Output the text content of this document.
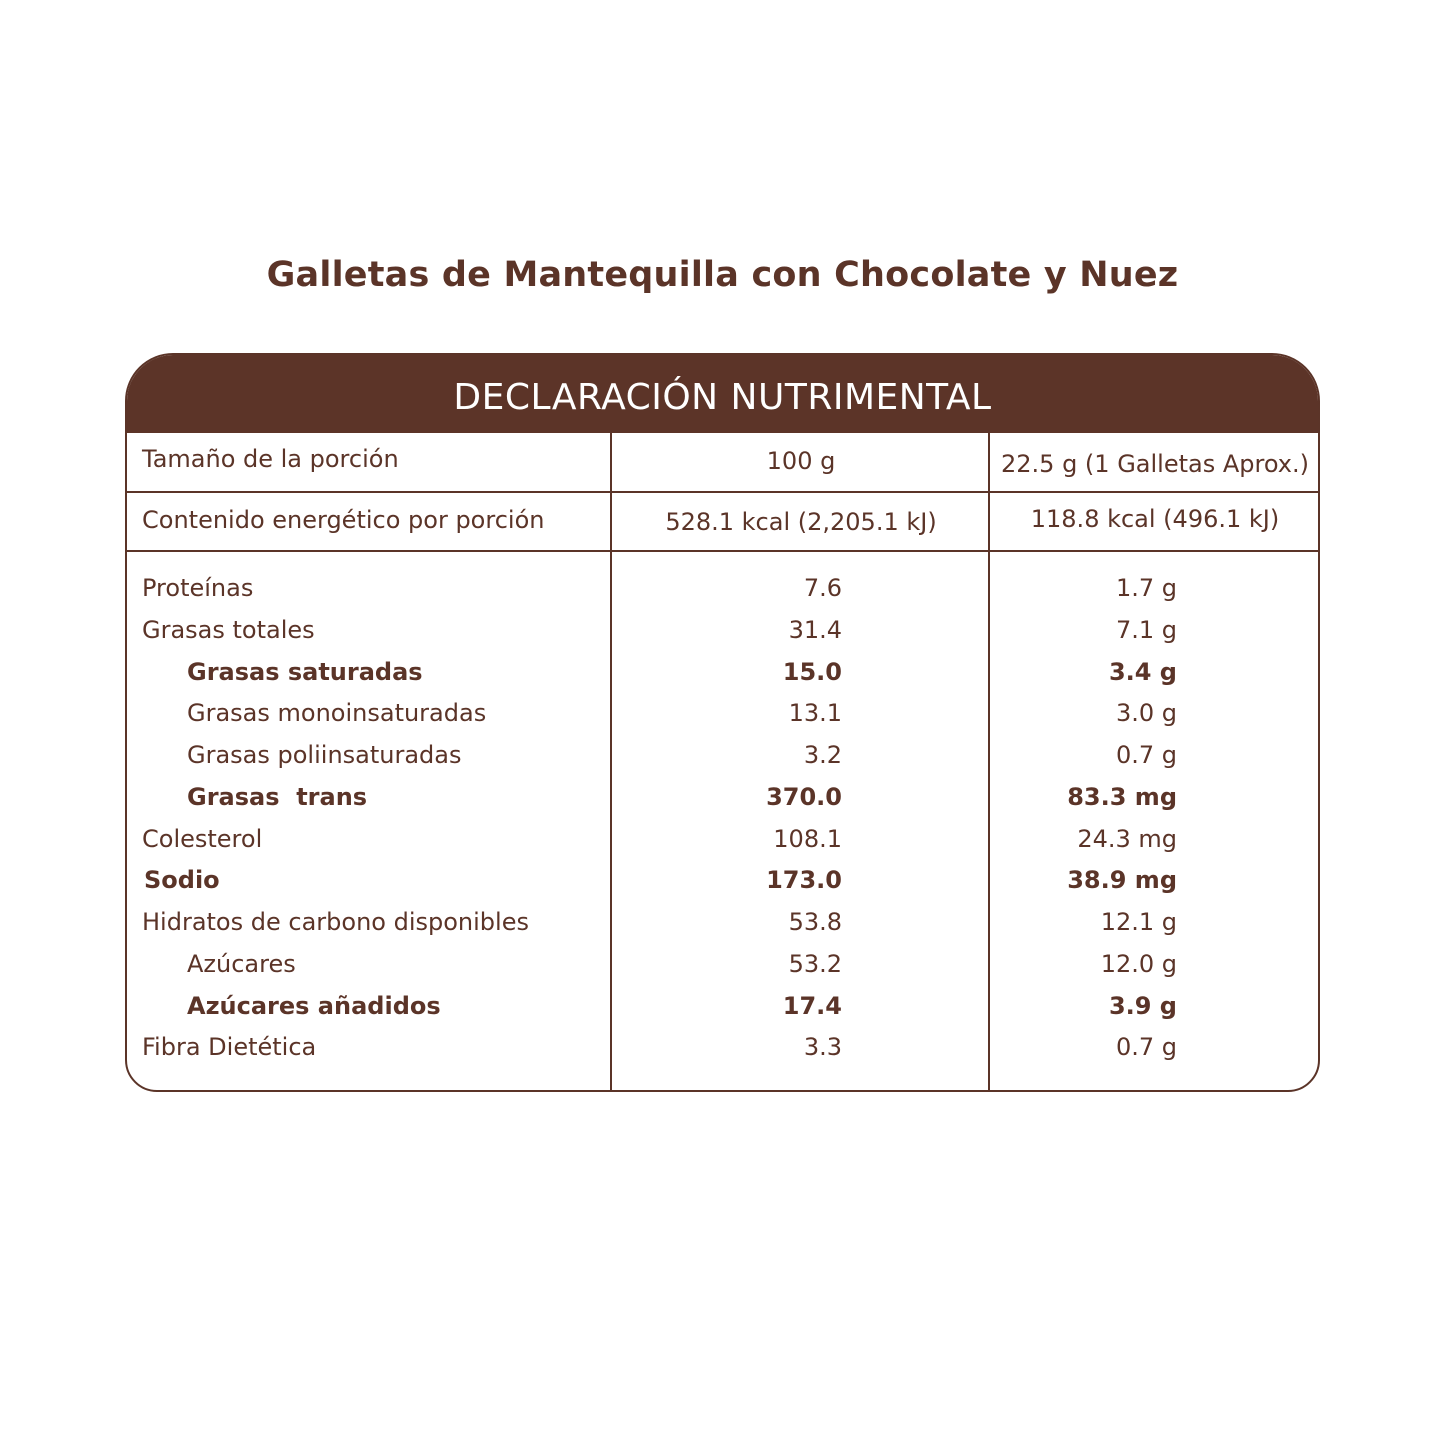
Galletas de Mantequilla con Chocolate y Nuez
DECLARACIÓN NUTRIMENTAL
Tamaño de la porción	100 g	22.5 g (1 Galletas Aprox.)
Contenido energético por porción	528.1 kcal (2,205.1 kJ)	118.8 kcal (496.1 kJ)
Proteínas	7.6	1.7 g
Grasas totales	31.4	7.1 g
Grasas saturadas	15.0	3.4 g
Grasas monoinsaturadas	13.1	3.0 g
Grasas poliinsaturadas	3.2	0.7 g
Grasas  trans	370.0	83.3 mg
Colesterol	108.1	24.3 mg
Sodio	173.0	38.9 mg
Hidratos de carbono disponibles	53.8	12.1 g
Azúcares	53.2	12.0 g
Azúcares añadidos	17.4	3.9 g
Fibra Dietética	3.3	0.7 g
